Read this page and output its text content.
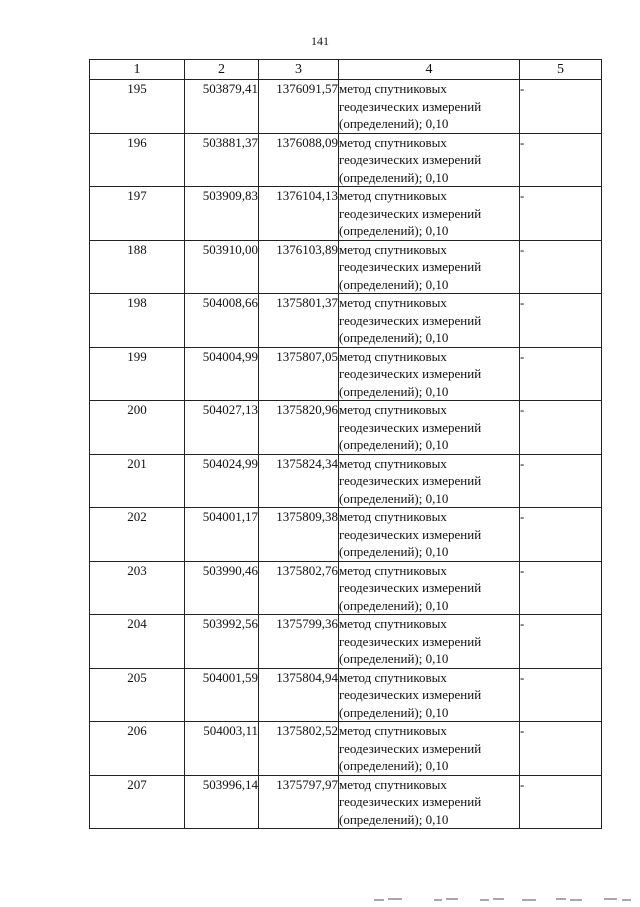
141
1	2	3	4	5
195	503879,41	1376091,57	метод спутниковых
геодезических измерений
(определений); 0,10	-
196	503881,37	1376088,09	метод спутниковых
геодезических измерений
(определений); 0,10	-
197	503909,83	1376104,13	метод спутниковых
геодезических измерений
(определений); 0,10	-
188	503910,00	1376103,89	метод спутниковых
геодезических измерений
(определений); 0,10	-
198	504008,66	1375801,37	метод спутниковых
геодезических измерений
(определений); 0,10	-
199	504004,99	1375807,05	метод спутниковых
геодезических измерений
(определений); 0,10	-
200	504027,13	1375820,96	метод спутниковых
геодезических измерений
(определений); 0,10	-
201	504024,99	1375824,34	метод спутниковых
геодезических измерений
(определений); 0,10	-
202	504001,17	1375809,38	метод спутниковых
геодезических измерений
(определений); 0,10	-
203	503990,46	1375802,76	метод спутниковых
геодезических измерений
(определений); 0,10	-
204	503992,56	1375799,36	метод спутниковых
геодезических измерений
(определений); 0,10	-
205	504001,59	1375804,94	метод спутниковых
геодезических измерений
(определений); 0,10	-
206	504003,11	1375802,52	метод спутниковых
геодезических измерений
(определений); 0,10	-
207	503996,14	1375797,97	метод спутниковых
геодезических измерений
(определений); 0,10	-
